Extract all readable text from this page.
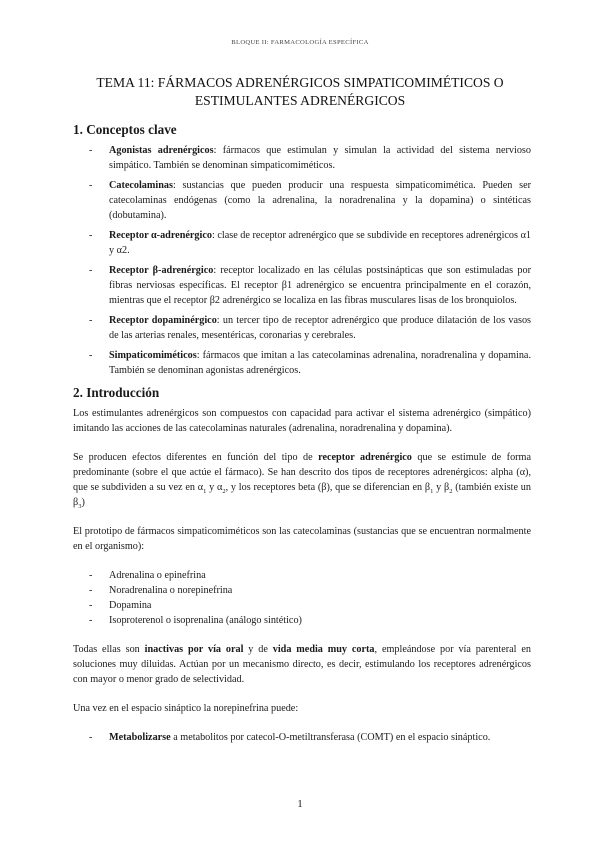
BLOQUE II: FARMACOLOGÍA ESPECÍFICA
TEMA 11: FÁRMACOS ADRENÉRGICOS SIMPATICOMIMÉTICOS O
ESTIMULANTES ADRENÉRGICOS
1. Conceptos clave
- Agonistas adrenérgicos: fármacos que estimulan y simulan la actividad del sistema nervioso simpático. También se denominan simpaticomiméticos.
- Catecolaminas: sustancias que pueden producir una respuesta simpaticomimética. Pueden ser catecolaminas endógenas (como la adrenalina, la noradrenalina y la dopamina) o sintéticas (dobutamina).
- Receptor α-adrenérgico: clase de receptor adrenérgico que se subdivide en receptores adrenérgicos α1 y α2.
- Receptor β-adrenérgico: receptor localizado en las células postsinápticas que son estimuladas por fibras nerviosas específicas. El receptor β1 adrenérgico se encuentra principalmente en el corazón, mientras que el receptor β2 adrenérgico se localiza en las fibras musculares lisas de los bronquiolos.
- Receptor dopaminérgico: un tercer tipo de receptor adrenérgico que produce dilatación de los vasos de las arterias renales, mesentéricas, coronarias y cerebrales.
- Simpaticomiméticos: fármacos que imitan a las catecolaminas adrenalina, noradrenalina y dopamina. También se denominan agonistas adrenérgicos.
2. Introducción

Los estimulantes adrenérgicos son compuestos con capacidad para activar el sistema adrenérgico (simpático) imitando las acciones de las catecolaminas naturales (adrenalina, noradrenalina y dopamina).

Se producen efectos diferentes en función del tipo de receptor adrenérgico que se estimule de forma predominante (sobre el que actúe el fármaco). Se han descrito dos tipos de receptores adrenérgicos: alpha (α), que se subdividen a su vez en $\alpha_1$ y $\alpha_2$, y los receptores beta (β), que se diferencian en $\beta_1$ y $\beta_2$ (también existe un $\beta_3$)

El prototipo de fármacos simpaticomiméticos son las catecolaminas (sustancias que se encuentran normalmente en el organismo):

- Adrenalina o epinefrina
- Noradrenalina o norepinefrina
- Dopamina
- Isoproterenol o isoprenalina (análogo sintético)

Todas ellas son inactivas por vía oral y de vida media muy corta, empleándose por vía parenteral en soluciones muy diluidas. Actúan por un mecanismo directo, es decir, estimulando los receptores adrenérgicos con mayor o menor grado de selectividad.

Una vez en el espacio sináptico la norepinefrina puede:

- Metabolizarse a metabolitos por catecol-O-metiltransferasa (COMT) en el espacio sináptico.
1
